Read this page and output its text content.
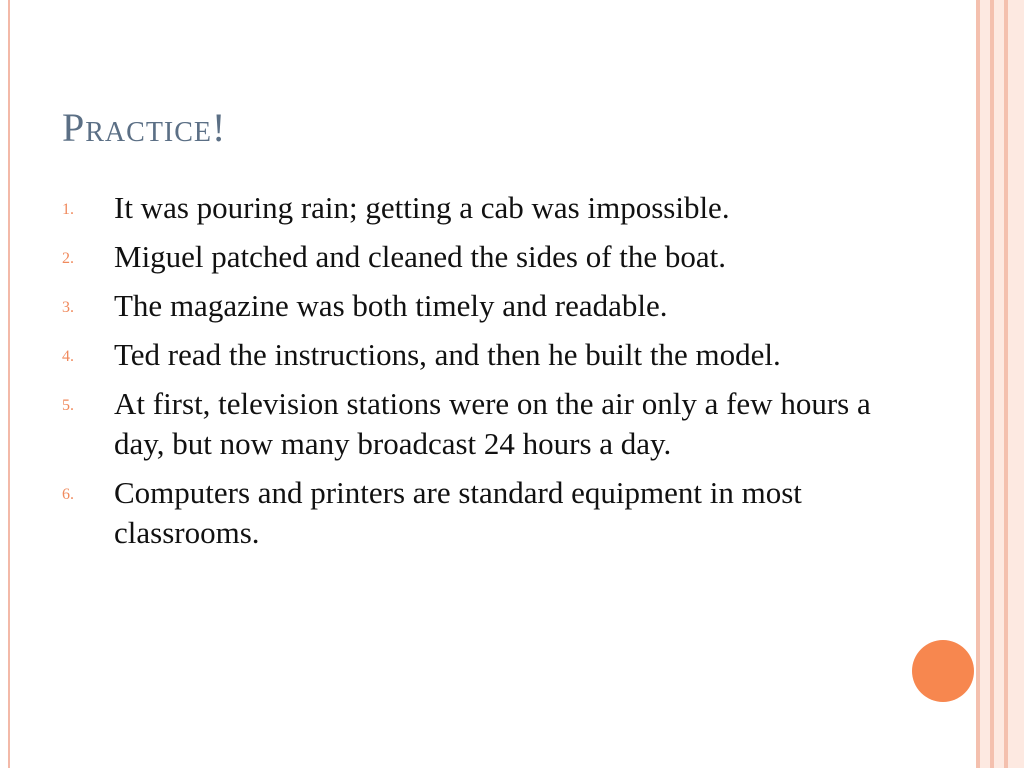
Practice!
1. It was pouring rain; getting a cab was impossible.
2. Miguel patched and cleaned the sides of the boat.
3. The magazine was both timely and readable.
4. Ted read the instructions, and then he built the model.
5. At first, television stations were on the air only a few hours a day, but now many broadcast 24 hours a day.
6. Computers and printers are standard equipment in most classrooms.
